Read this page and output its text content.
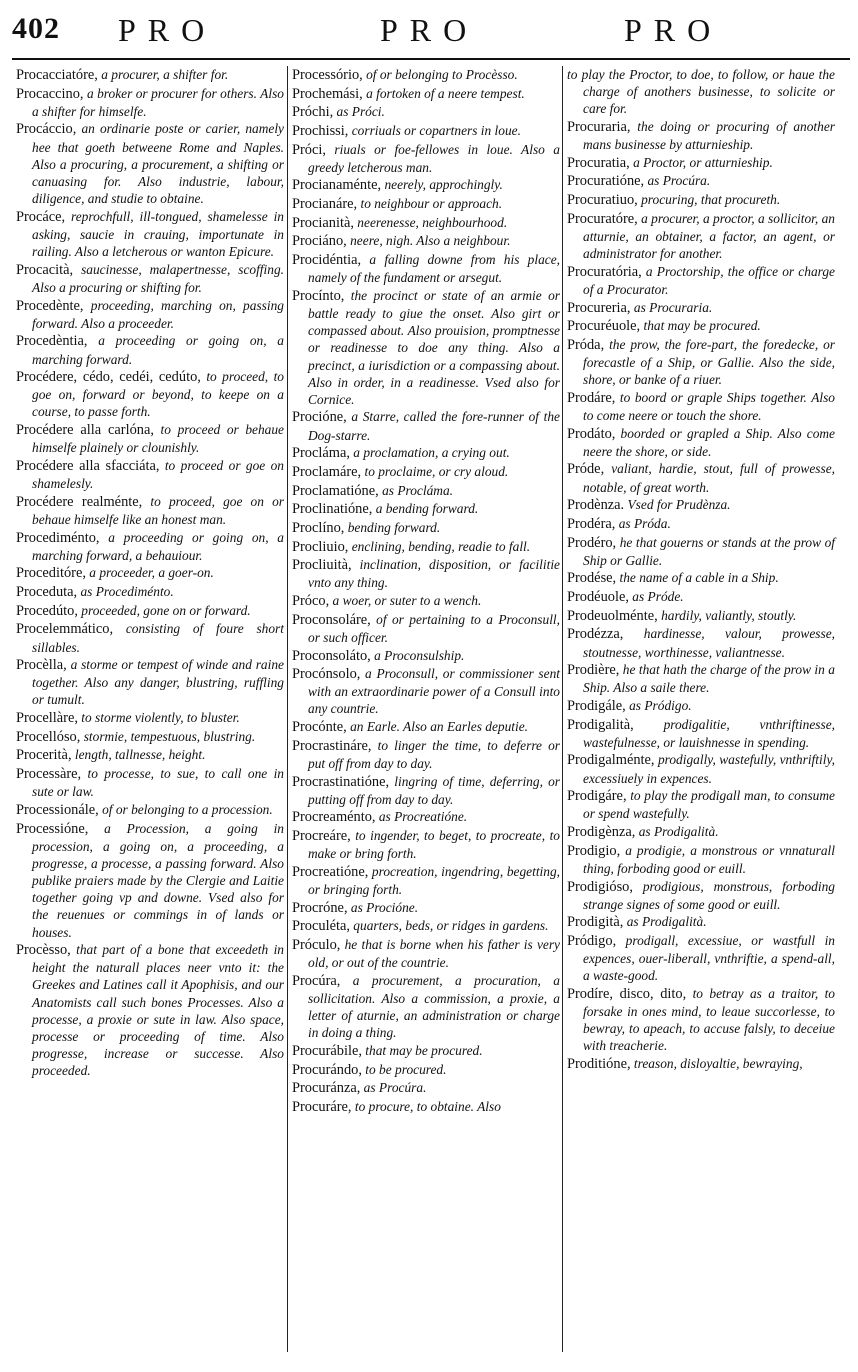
402 PRO	PRO	PRO

Procacciatóre, a procurer, a shifter for.

Procaccino, a broker or procurer for others. Also a shifter for himselfe.

Procáccio, an ordinarie poste or carier, namely hee that goeth betweene Rome and Naples. Also a procuring, a procurement, a shifting or canuasing for. Also industrie, labour, diligence, and studie to obtaine.

Procáce, reprochfull, ill-tongued, shamelesse in asking, saucie in crauing, importunate in railing. Also a letcherous or wanton Epicure.

Procacità, saucinesse, malapertnesse, scoffing. Also a procuring or shifting for.

Procedènte, proceeding, marching on, passing forward. Also a proceeder.

Procedèntia, a proceeding or going on, a marching forward.

Procédere, cédo, cedéi, cedúto, to proceed, to goe on, forward or beyond, to keepe on a course, to passe forth.

Procédere alla carlóna, to proceed or behaue himselfe plainely or clounishly.

Procédere alla sfacciáta, to proceed or goe on shamelesly.

Procédere realménte, to proceed, goe on or behaue himselfe like an honest man.

Procediménto, a proceeding or going on, a marching forward, a behauiour.

Proceditóre, a proceeder, a goer-on.

Proceduta, as Procediménto.

Procedúto, proceeded, gone on or forward.

Procelemmático, consisting of foure short sillables.

Procèlla, a storme or tempest of winde and raine together. Also any danger, blustring, ruffling or tumult.

Procellàre, to storme violently, to bluster.

Procellóso, stormie, tempestuous, blustring.

Procerità, length, tallnesse, height.

Processàre, to processe, to sue, to call one in sute or law.

Processionále, of or belonging to a procession.

Processióne, a Procession, a going in procession, a going on, a proceeding, a progresse, a processe, a passing forward. Also publike praiers made by the Clergie and Laitie together going vp and downe. Vsed also for the reuenues or commings in of lands or houses.

Procèsso, that part of a bone that exceedeth in height the naturall places neer vnto it: the Greekes and Latines call it Apophisis, and our Anatomists call such bones Processes. Also a processe, a proxie or sute in law. Also space, processe or proceeding of time. Also progresse, increase or successe. Also proceeded.

Processório, of or belonging to Procèsso.

Prochemási, a fortoken of a neere tempest.

Próchi, as Próci.

Prochissi, corriuals or copartners in loue.

Próci, riuals or foe-fellowes in loue. Also a greedy letcherous man.

Procianaménte, neerely, approchingly.

Procianáre, to neighbour or approach.

Procianità, neerenesse, neighbourhood.

Prociáno, neere, nigh. Also a neighbour.

Procidéntia, a falling downe from his place, namely of the fundament or arsegut.

Procínto, the procinct or state of an armie or battle ready to giue the onset. Also girt or compassed about. Also prouision, promptnesse or readinesse to doe any thing. Also a precinct, a iurisdiction or a compassing about. Also in order, in a readinesse. Vsed also for Cornice.

Procióne, a Starre, called the fore-runner of the Dog-starre.

Procláma, a proclamation, a crying out.

Proclamáre, to proclaime, or cry aloud.

Proclamatióne, as Procláma.

Proclinatióne, a bending forward.

Proclíno, bending forward.

Procliuio, enclining, bending, readie to fall.

Procliuità, inclination, disposition, or facilitie vnto any thing.

Próco, a woer, or suter to a wench.

Proconsoláre, of or pertaining to a Proconsull, or such officer.

Proconsoláto, a Proconsulship.

Procónsolo, a Proconsull, or commissioner sent with an extraordinarie power of a Consull into any countrie.

Procónte, an Earle. Also an Earles deputie.

Procrastináre, to linger the time, to deferre or put off from day to day.

Procrastinatióne, lingring of time, deferring, or putting off from day to day.

Procreaménto, as Procreatióne.

Procreáre, to ingender, to beget, to procreate, to make or bring forth.

Procreatióne, procreation, ingendring, begetting, or bringing forth.

Procróne, as Procióne.

Proculéta, quarters, beds, or ridges in gardens.

Próculo, he that is borne when his father is very old, or out of the countrie.

Procúra, a procurement, a procuration, a sollicitation. Also a commission, a proxie, a letter of aturnie, an administration or charge in doing a thing.

Procurábile, that may be procured.

Procurándo, to be procured.

Procuránza, as Procúra.

Procuráre, to procure, to obtaine. Also

to play the Proctor, to doe, to follow, or haue the charge of anothers businesse, to solicite or care for.

Procuraria, the doing or procuring of another mans businesse by atturnieship.

Procuratia, a Proctor, or atturnieship.

Procuratióne, as Procúra.

Procuratiuo, procuring, that procureth.

Procuratóre, a procurer, a proctor, a sollicitor, an atturnie, an obtainer, a factor, an agent, or administrator for another.

Procuratória, a Proctorship, the office or charge of a Procurator.

Procureria, as Procuraria.

Procuréuole, that may be procured.

Próda, the prow, the fore-part, the foredecke, or forecastle of a Ship, or Gallie. Also the side, shore, or banke of a riuer.

Prodáre, to boord or graple Ships together. Also to come neere or touch the shore.

Prodáto, boorded or grapled a Ship. Also come neere the shore, or side.

Próde, valiant, hardie, stout, full of prowesse, notable, of great worth.

Prodènza. Vsed for Prudènza.

Prodéra, as Próda.

Prodéro, he that gouerns or stands at the prow of Ship or Gallie.

Prodése, the name of a cable in a Ship.

Prodéuole, as Próde.

Prodeuolménte, hardily, valiantly, stoutly.

Prodézza, hardinesse, valour, prowesse, stoutnesse, worthinesse, valiantnesse.

Prodière, he that hath the charge of the prow in a Ship. Also a saile there.

Prodigále, as Pródigo.

Prodigalità, prodigalitie, vnthriftinesse, wastefulnesse, or lauishnesse in spending.

Prodigalménte, prodigally, wastefully, vnthriftily, excessiuely in expences.

Prodigáre, to play the prodigall man, to consume or spend wastefully.

Prodigènza, as Prodigalità.

Prodigio, a prodigie, a monstrous or vnnaturall thing, forboding good or euill.

Prodigióso, prodigious, monstrous, forboding strange signes of some good or euill.

Prodigità, as Prodigalità.

Pródigo, prodigall, excessiue, or wastfull in expences, ouer-liberall, vnthriftie, a spend-all, a waste-good.

Prodíre, disco, dito, to betray as a traitor, to forsake in ones mind, to leaue succorlesse, to bewray, to apeach, to accuse falsly, to deceiue with treacherie.

Proditióne, treason, disloyaltie, bewraying,
